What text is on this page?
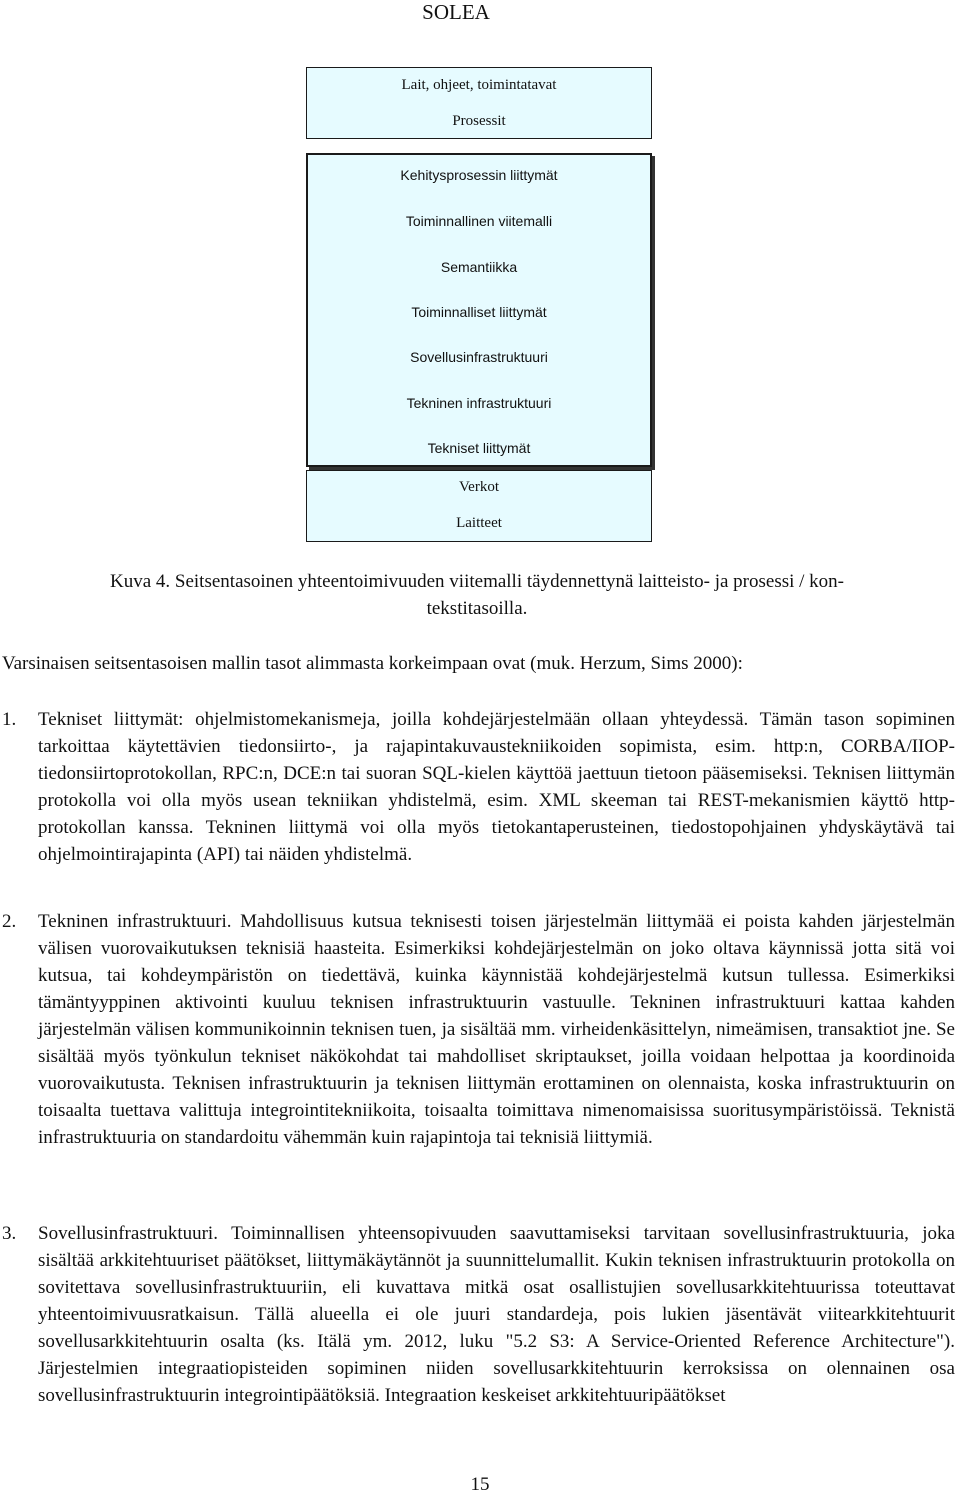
SOLEA
Lait, ohjeet, toimintatavat
Prosessit
Kehitysprosessin liittymät
Toiminnallinen viitemalli
Semantiikka
Toiminnalliset liittymät
Sovellusinfrastruktuuri
Tekninen infrastruktuuri
Tekniset liittymät
Verkot
Laitteet
Kuva 4. Seitsentasoinen yhteentoimivuuden viitemalli täydennettynä laitteisto- ja prosessi / kon-
tekstitasoilla.
Varsinaisen seitsentasoisen mallin tasot alimmasta korkeimpaan ovat (muk. Herzum, Sims 2000):
1. Tekniset liittymät: ohjelmistomekanismeja, joilla kohdejärjestelmään ollaan yhteydessä. Tämän tason sopiminen tarkoittaa käytettävien tiedonsiirto-, ja rajapintakuvaustekniikoiden sopimista, esim. http:n, CORBA/IIOP-tiedonsiirtoprotokollan, RPC:n, DCE:n tai suoran SQL-kielen käyttöä jaettuun tietoon pääsemiseksi. Teknisen liittymän protokolla voi olla myös usean tekniikan yhdistelmä, esim. XML skeeman tai REST-mekanismien käyttö http-protokollan kanssa. Tekninen liittymä voi olla myös tietokantaperusteinen, tiedostopohjainen yhdyskäytävä tai ohjelmointirajapinta (API) tai näiden yhdistelmä.
2. Tekninen infrastruktuuri. Mahdollisuus kutsua teknisesti toisen järjestelmän liittymää ei poista kahden järjestelmän välisen vuorovaikutuksen teknisiä haasteita. Esimerkiksi kohdejärjestelmän on joko oltava käynnissä jotta sitä voi kutsua, tai kohdeympäristön on tiedettävä, kuinka käynnistää kohdejärjestelmä kutsun tullessa. Esimerkiksi tämäntyyppinen aktivointi kuuluu teknisen infrastruktuurin vastuulle. Tekninen infrastruktuuri kattaa kahden järjestelmän välisen kommunikoinnin teknisen tuen, ja sisältää mm. virheidenkäsittelyn, nimeämisen, transaktiot jne. Se sisältää myös työnkulun tekniset näkökohdat tai mahdolliset skriptaukset, joilla voidaan helpottaa ja koordinoida vuorovaikutusta. Teknisen infrastruktuurin ja teknisen liittymän erottaminen on olennaista, koska infrastruktuurin on toisaalta tuettava valittuja integrointitekniikoita, toisaalta toimittava nimenomaisissa suoritusympäristöissä. Teknistä infrastruktuuria on standardoitu vähemmän kuin rajapintoja tai teknisiä liittymiä.
3. Sovellusinfrastruktuuri. Toiminnallisen yhteensopivuuden saavuttamiseksi tarvitaan sovellusinfrastruktuuria, joka sisältää arkkitehtuuriset päätökset, liittymäkäytännöt ja suunnittelumallit. Kukin teknisen infrastruktuurin protokolla on sovitettava sovellusinfrastruktuuriin, eli kuvattava mitkä osat osallistujien sovellusarkkitehtuurissa toteuttavat yhteentoimivuusratkaisun. Tällä alueella ei ole juuri standardeja, pois lukien jäsentävät viitearkkitehtuurit sovellusarkkitehtuurin osalta (ks. Itälä ym. 2012, luku "5.2 S3: A Service-Oriented Reference Architecture"). Järjestelmien integraatiopisteiden sopiminen niiden sovellusarkkitehtuurin kerroksissa on olennainen osa sovellusinfrastruktuurin integrointipäätöksiä. Integraation keskeiset arkkitehtuuripäätökset
15
